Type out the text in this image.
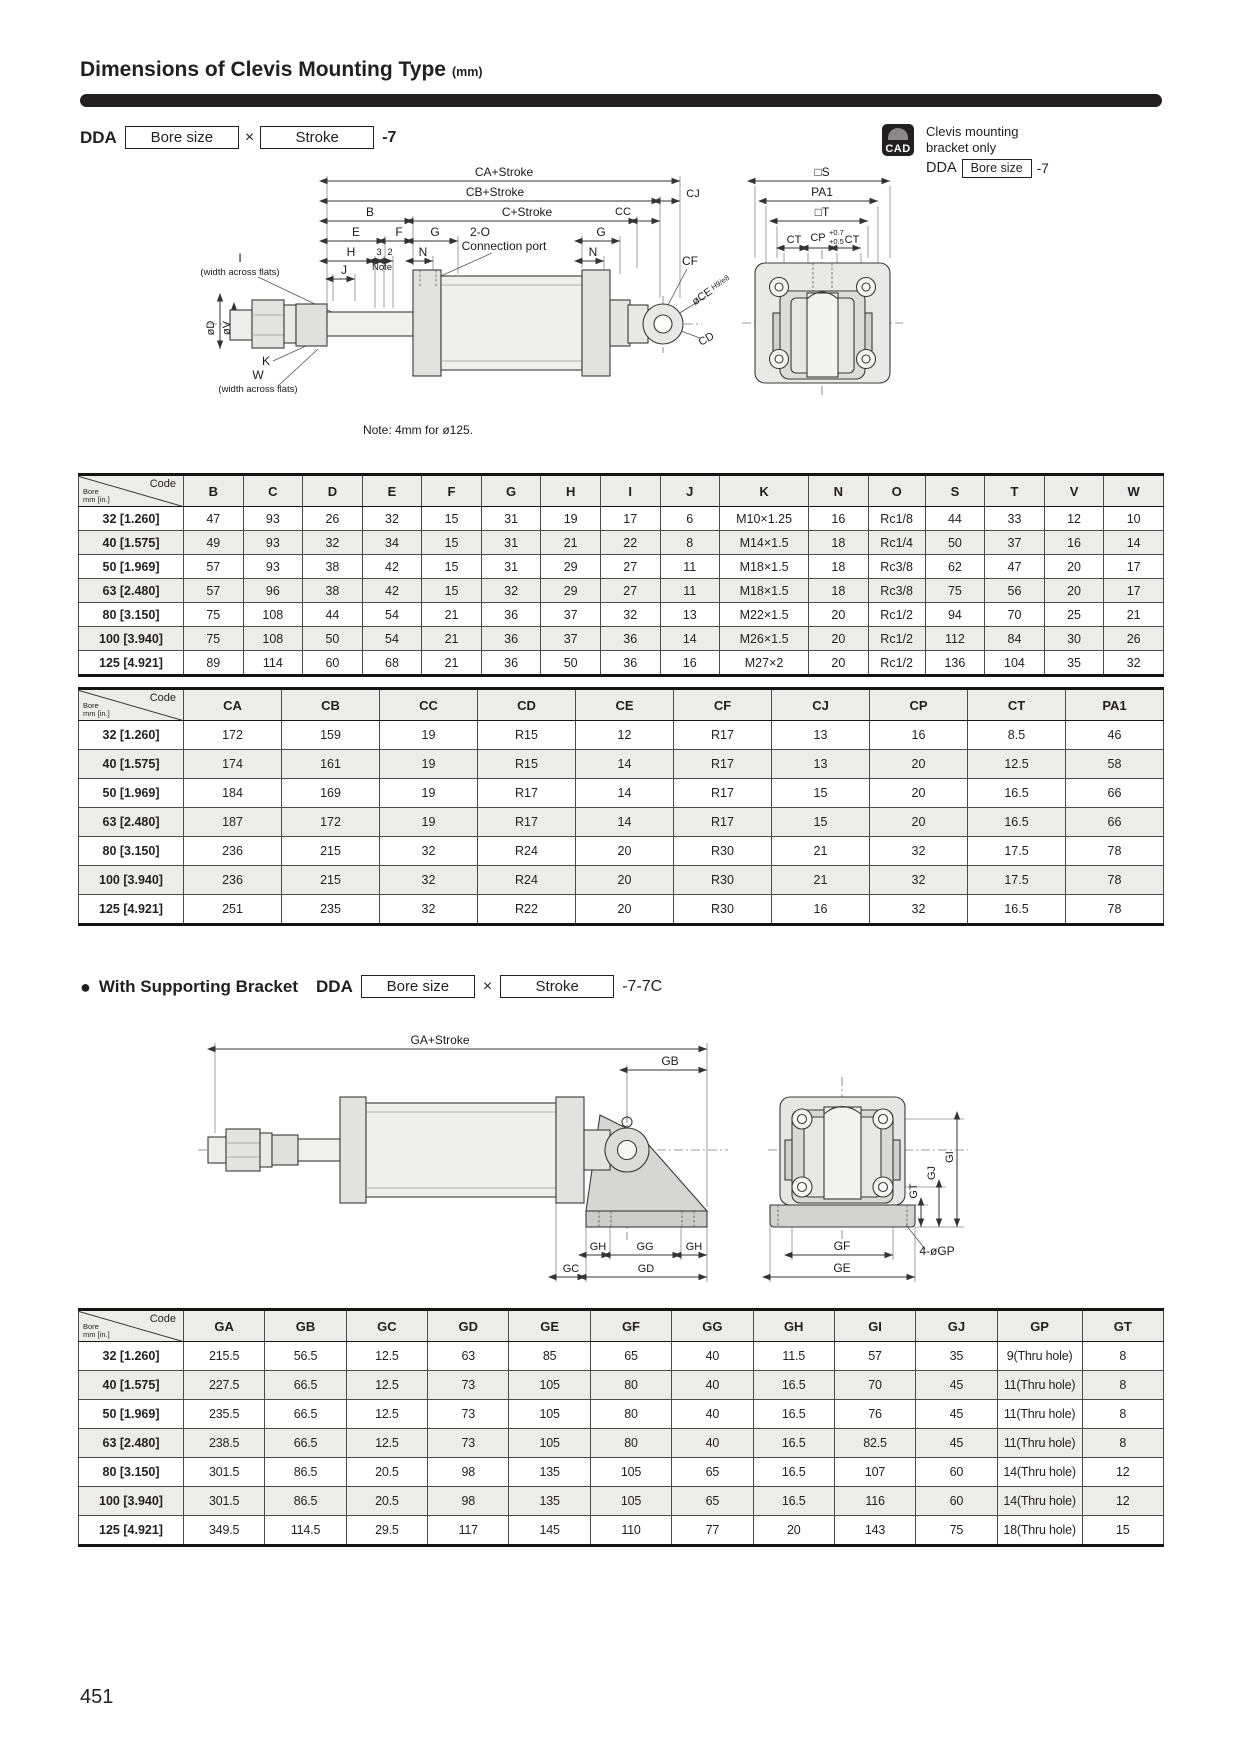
Dimensions of Clevis Mounting Type (mm)
DDA	Bore size	×	Stroke	-7
CAD
Clevis mounting
bracket only
DDA	Bore size	-7
CA+Stroke
CB+Stroke	CJ
B	C+Stroke	CC
E	F G	2-O
Connection port
G
H 3 2 N	N
J	Note
I
(width across flats)
øD øV
K
W
(width across flats)
CF
øCEH9/e8
CD
Note: 4mm for ø125.
□S
PA1
□T
CT CP +0.7
+0.5 CT
Code
Bore
mm [in.]	B	C	D	E	F	G	H	I	J	K	N	O	S	T	V	W
32 [1.260]	47	93	26	32	15	31	19	17	6	M10×1.25	16	Rc1/8	44	33	12	10
40 [1.575]	49	93	32	34	15	31	21	22	8	M14×1.5	18	Rc1/4	50	37	16	14
50 [1.969]	57	93	38	42	15	31	29	27	11	M18×1.5	18	Rc3/8	62	47	20	17
63 [2.480]	57	96	38	42	15	32	29	27	11	M18×1.5	18	Rc3/8	75	56	20	17
80 [3.150]	75	108	44	54	21	36	37	32	13	M22×1.5	20	Rc1/2	94	70	25	21
100 [3.940]	75	108	50	54	21	36	37	36	14	M26×1.5	20	Rc1/2	112	84	30	26
125 [4.921]	89	114	60	68	21	36	50	36	16	M27×2	20	Rc1/2	136	104	35	32
Code
Bore
mm [in.]	CA	CB	CC	CD	CE	CF	CJ	CP	CT	PA1
32 [1.260]	172	159	19	R15	12	R17	13	16	8.5	46
40 [1.575]	174	161	19	R15	14	R17	13	20	12.5	58
50 [1.969]	184	169	19	R17	14	R17	15	20	16.5	66
63 [2.480]	187	172	19	R17	14	R17	15	20	16.5	66
80 [3.150]	236	215	32	R24	20	R30	21	32	17.5	78
100 [3.940]	236	215	32	R24	20	R30	21	32	17.5	78
125 [4.921]	251	235	32	R22	20	R30	16	32	16.5	78
● With Supporting Bracket DDA	Bore size	×	Stroke	-7-7C
GA+Stroke
GB
GH	GG	GH
GC	GD
GF
GE
4-øGP
GT
GJ
GI
Code
Bore
mm [in.]	GA	GB	GC	GD	GE	GF	GG	GH	GI	GJ	GP	GT
32 [1.260]	215.5	56.5	12.5	63	85	65	40	11.5	57	35	9(Thru hole)	8
40 [1.575]	227.5	66.5	12.5	73	105	80	40	16.5	70	45	11(Thru hole)	8
50 [1.969]	235.5	66.5	12.5	73	105	80	40	16.5	76	45	11(Thru hole)	8
63 [2.480]	238.5	66.5	12.5	73	105	80	40	16.5	82.5	45	11(Thru hole)	8
80 [3.150]	301.5	86.5	20.5	98	135	105	65	16.5	107	60	14(Thru hole)	12
100 [3.940]	301.5	86.5	20.5	98	135	105	65	16.5	116	60	14(Thru hole)	12
125 [4.921]	349.5	114.5	29.5	117	145	110	77	20	143	75	18(Thru hole)	15
451
